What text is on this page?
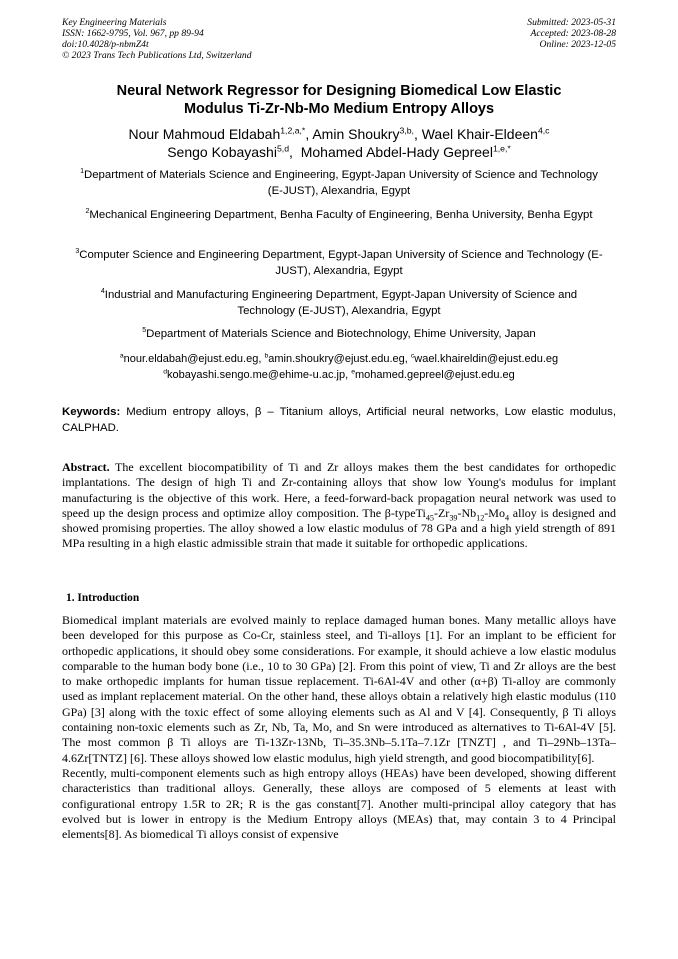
Key Engineering Materials
ISSN: 1662-9795, Vol. 967, pp 89-94
doi:10.4028/p-nbmZ4t
© 2023 Trans Tech Publications Ltd, Switzerland
Submitted: 2023-05-31
Accepted: 2023-08-28
Online: 2023-12-05
Neural Network Regressor for Designing Biomedical Low Elastic
Modulus Ti-Zr-Nb-Mo Medium Entropy Alloys
Nour Mahmoud Eldabah$^{1,2,a,*}$, Amin Shoukry$^{3,b,}$, Wael Khair-Eldeen$^{4,c}$
Sengo Kobayashi$^{5,d}$,  Mohamed Abdel-Hady Gepreel$^{1,e,*}$
$^1$Department of Materials Science and Engineering, Egypt-Japan University of Science and Technology (E-JUST), Alexandria, Egypt
$^2$Mechanical Engineering Department, Benha Faculty of Engineering, Benha University, Benha Egypt
$^3$Computer Science and Engineering Department, Egypt-Japan University of Science and Technology (E-JUST), Alexandria, Egypt
$^4$Industrial and Manufacturing Engineering Department, Egypt-Japan University of Science and Technology (E-JUST), Alexandria, Egypt
$^5$Department of Materials Science and Biotechnology, Ehime University, Japan
$^a$nour.eldabah@ejust.edu.eg, $^b$amin.shoukry@ejust.edu.eg, $^c$wael.khaireldin@ejust.edu.eg
$^d$kobayashi.sengo.me@ehime-u.ac.jp, $^e$mohamed.gepreel@ejust.edu.eg

Keywords: Medium entropy alloys, β – Titanium alloys, Artificial neural networks, Low elastic modulus, CALPHAD.

Abstract. The excellent biocompatibility of Ti and Zr alloys makes them the best candidates for orthopedic implantations. The design of high Ti and Zr-containing alloys that show low Young's modulus for implant manufacturing is the objective of this work. Here, a feed-forward-back propagation neural network was used to speed up the design process and optimize alloy composition. The $\beta-typeTi_{45}-Zr_{39}-Nb_{12}-Mo_4$ alloy is designed and showed promising properties. The alloy showed a low elastic modulus of 78 GPa and a high yield strength of 891 MPa resulting in a high elastic admissible strain that made it suitable for orthopedic applications.

1. Introduction

Biomedical implant materials are evolved mainly to replace damaged human bones. Many metallic alloys have been developed for this purpose as Co-Cr, stainless steel, and Ti-alloys [1]. For an implant to be efficient for orthopedic applications, it should obey some considerations. For example, it should achieve a low elastic modulus comparable to the human body bone (i.e., 10 to 30 GPa) [2]. From this point of view, Ti and Zr alloys are the best to make orthopedic implants for human tissue replacement. Ti-6Al-4V and other (α+β) Ti-alloy are commonly used as implant replacement material. On the other hand, these alloys obtain a relatively high elastic modulus (110 GPa) [3] along with the toxic effect of some alloying elements such as Al and V [4]. Consequently, β Ti alloys containing non-toxic elements such as Zr, Nb, Ta, Mo, and Sn were introduced as alternatives to Ti-6Al-4V [5]. The most common β Ti alloys are Ti-13Zr-13Nb, Ti–35.3Nb–5.1Ta–7.1Zr [TNZT] , and Ti–29Nb–13Ta–4.6Zr[TNTZ] [6]. These alloys showed low elastic modulus, high yield strength, and good biocompatibility[6].

Recently, multi-component elements such as high entropy alloys (HEAs) have been developed, showing different characteristics than traditional alloys. Generally, these alloys are composed of 5 elements at least with configurational entropy 1.5R to 2R; R is the gas constant[7]. Another multi-principal alloy category that has evolved but is lower in entropy is the Medium Entropy alloys (MEAs) that, may contain 3 to 4 Principal elements[8]. As biomedical Ti alloys consist of expensive
